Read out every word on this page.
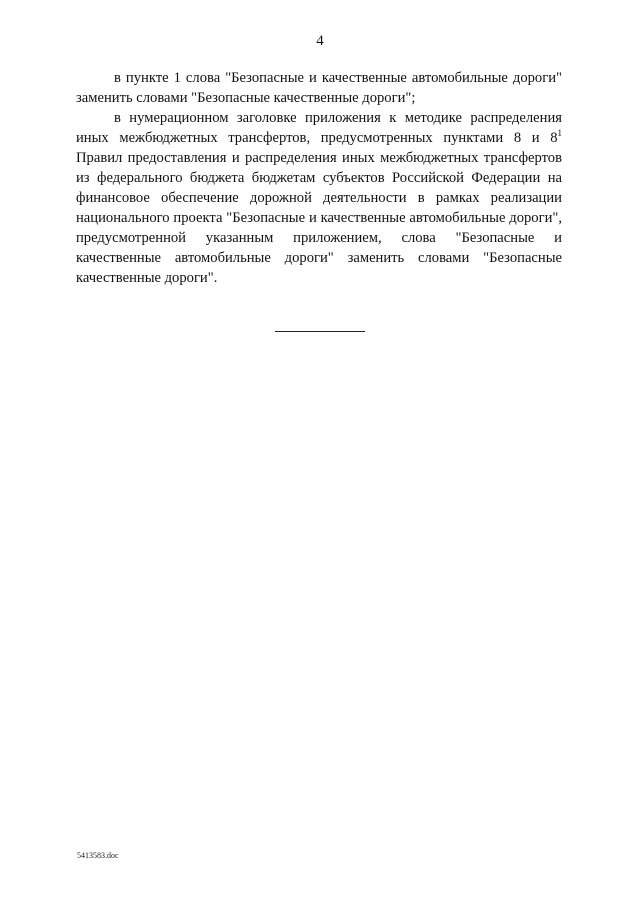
4

в пункте 1 слова "Безопасные и качественные автомобильные дороги" заменить словами "Безопасные качественные дороги";

в нумерационном заголовке приложения к методике распределения иных межбюджетных трансфертов, предусмотренных пунктами 8 и $8^1$ Правил предоставления и распределения иных межбюджетных трансфертов из федерального бюджета бюджетам субъектов Российской Федерации на финансовое обеспечение дорожной деятельности в рамках реализации национального проекта "Безопасные и качественные автомобильные дороги", предусмотренной указанным приложением, слова "Безопасные и качественные автомобильные дороги" заменить словами "Безопасные качественные дороги".

5413583.doc
